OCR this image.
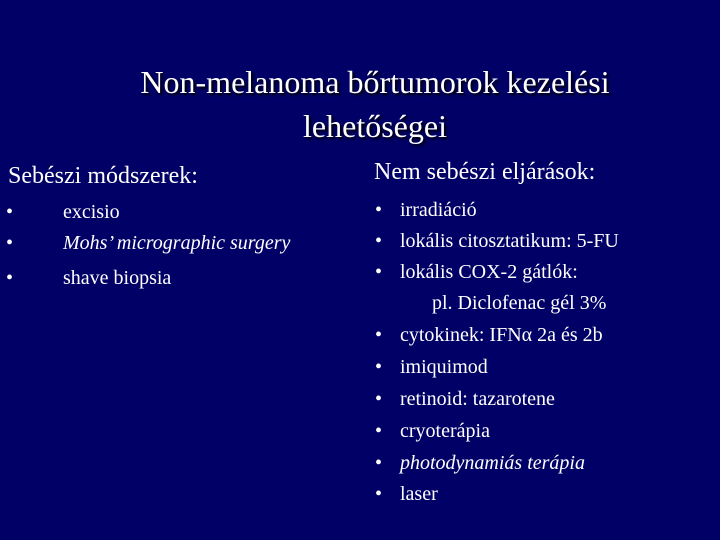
Non-melanoma bőrtumorok kezelési
lehetőségei
Sebészi módszerek:	Nem sebészi eljárások:
• excisio
• Mohs’ micrographic surgery
• shave biopsia
• irradiáció
• lokális citosztatikum: 5-FU
• lokális COX-2 gátlók:
• cytokinek: IFNα 2a és 2b
• imiquimod
• retinoid: tazarotene
• cryoterápia
• photodynamiás terápia
• laser
pl. Diclofenac gél 3%
